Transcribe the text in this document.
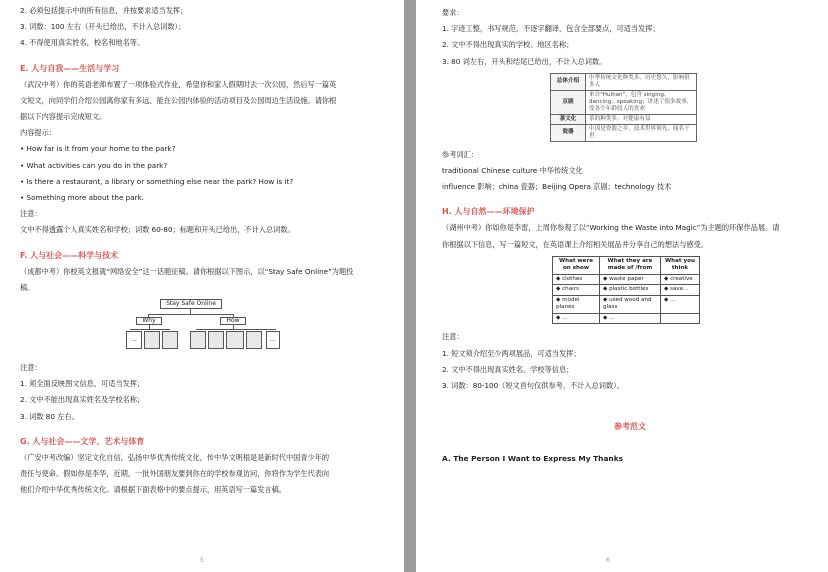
2. 必须包括提示中的所有信息，并按要求适当发挥；
3. 词数：100 左右（开头已给出，不计入总词数）；
4. 不得使用真实姓名，校名和地名等。
E. 人与自我——生活与学习
（武汉中考）你的英语老师布置了一项体验式作业，希望你和家人假期时去一次公园，然后写一篇英
文短文，向同学们介绍公园离你家有多远、能在公园内体验的活动项目及公园周边生活设施。请你根
据以下内容提示完成短文。
内容提示：
• How far is it from your home to the park?
• What activities can you do in the park?
• Is there a restaurant, a library or something else near the park? How is it?
• Something more about the park.
注意：
文中不得透露个人真实姓名和学校；词数 60-80；标题和开头已给出，不计入总词数。
F. 人与社会——科学与技术
（成都中考）你校英文报就“网络安全”这一话题征稿。请你根据以下图示，以“Stay Safe Online”为题投
稿。
Stay Safe Online
Why	How
…	…
注意：
1. 须全面反映图文信息，可适当发挥；
2. 文中不能出现真实姓名及学校名称；
3. 词数 80 左右。
G. 人与社会——文学、艺术与体育
（广安中考改编）坚定文化自信，弘扬中华优秀传统文化，传中华文明根是是新时代中国青少年的
责任与使命。假如你是李华，近期，一批外国朋友要到你在的学校参观访问，你将作为学生代表向
他们介绍中华优秀传统文化。请根据下面表格中的要点提示，用英语写一篇发言稿。
5
要求：
1. 字迹工整，书写规范，不逐字翻译，包含全部要点，可适当发挥；
2. 文中不得出现真实的学校、地区名称；
3. 80 词左右，开头和结尾已给出，不计入总词数。
总体介绍	中华传统文化种类多、历史悠久，影响很多人
京剧	来自"Huihan"，包含 singing、dancing、speaking；讲述了很多故事，受各个年龄段人的喜欢
茶文化	茶的种类多，对健康有益
瓷器	中国是瓷器之乡，技术世界领先，闻名于世
参考词汇：
traditional Chinese culture 中华传统文化
influence 影响；china 瓷器；Beijing Opera 京剧；technology 技术
H. 人与自然——环境保护
（湖州中考）你如你是李雷，上周你参观了以“Working the Waste into Magic”为主题的环保作品展。请
你根据以下信息，写一篇短文，在英语课上介绍相关展品并分享自己的想法与感受。
What were on show	What they are made of /from	What you think
◆ clothes	◆ waste paper	◆ creative
◆ chairs	◆ plastic bottles	◆ save…
◆ model planes	◆ used wood and glass	◆ …
◆ …	◆ …	
注意：
1. 短文须介绍至少两项展品，可适当发挥；
2. 文中不得出现真实姓名、学校等信息；
3. 词数：80-100（短文首句仅供参考，不计入总词数）。
参考范文
A. The Person I Want to Express My Thanks
6
